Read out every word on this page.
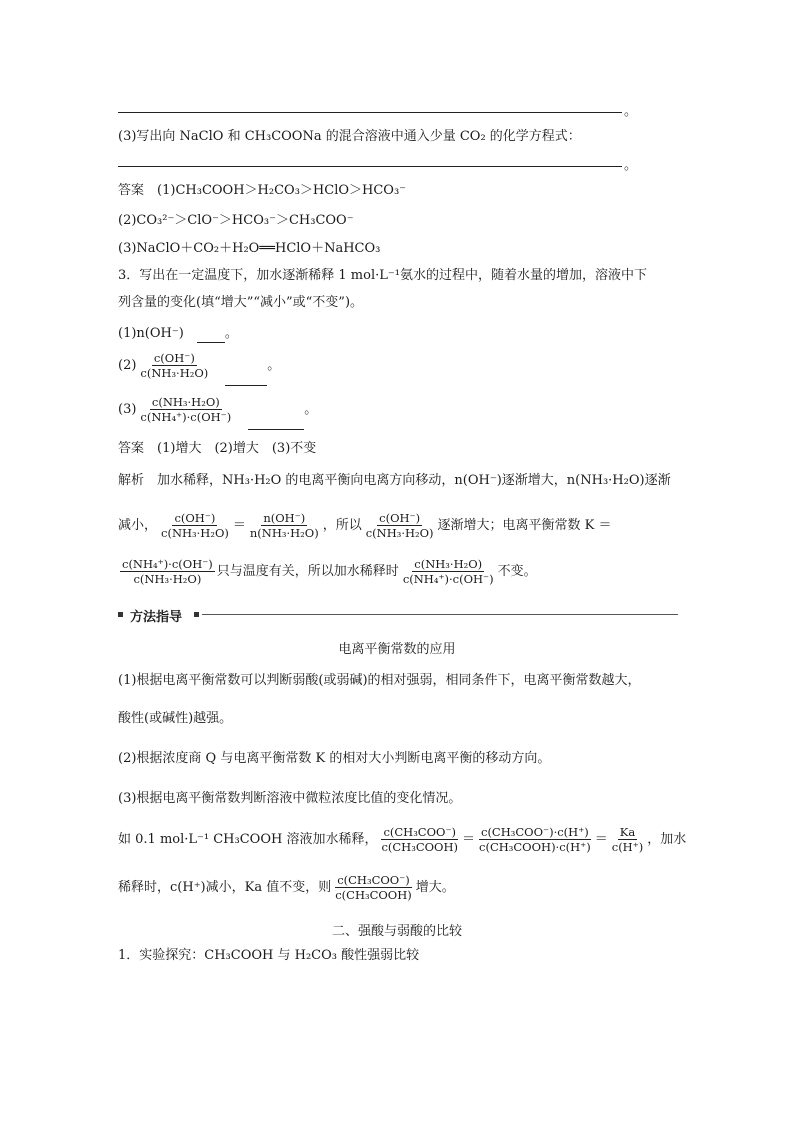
。
(3)写出向 NaClO 和 CH₃COONa 的混合溶液中通入少量 CO₂ 的化学方程式：
。
答案　 (1)CH₃COOH＞H₂CO₃＞HClO＞HCO₃⁻
(2)CO₃²⁻＞ClO⁻＞HCO₃⁻＞CH₃COO⁻
(3)NaClO＋CO₂＋H₂O══HClO＋NaHCO₃
3．写出在一定温度下，加水逐渐稀释 1 mol·L⁻¹氨水的过程中，随着水量的增加，溶液中下
列含量的变化(填“增大”“减小”或“不变”)。
(1)n(OH⁻)　	。
$(2) \frac{c(OH^-)}{\text{c(NH₃·H₂O)}}$
　	。
$(3) \frac{\text{c(NH₃·H₂O)}}{\text{c(NH₄⁺)·c(OH⁻)}}$
　	。
答案　 (1)增大　(2)增大　(3)不变
解析　 加水稀释，NH₃·H₂O 的电离平衡向电离方向移动，n(OH⁻)逐渐增大，n(NH₃·H₂O)逐渐
减小， $\frac{c(OH^-)}{\text{c(NH₃·H₂O)}} = \frac{n(OH^-)}{\text{n(NH₃·H₂O)}}$ ，所以 $\frac{c(OH^-)}{\text{c(NH₃·H₂O)}}$ 逐渐增大；电离平衡常数 K ＝
$\frac{\text{c(NH₄⁺)·c(OH⁻)}}{\text{c(NH₃·H₂O)}}$ 只与温度有关，所以加水稀释时 $\frac{\text{c(NH₃·H₂O)}}{\text{c(NH₄⁺)·c(OH⁻)}}$ 不变。
方法指导
电离平衡常数的应用
(1)根据电离平衡常数可以判断弱酸(或弱碱)的相对强弱，相同条件下，电离平衡常数越大，
酸性(或碱性)越强。
(2)根据浓度商 Q 与电离平衡常数 K 的相对大小判断电离平衡的移动方向。
(3)根据电离平衡常数判断溶液中微粒浓度比值的变化情况。
如 0.1 mol·L⁻¹ CH₃COOH 溶液加水稀释， $\frac{\text{c(CH₃COO⁻)}}{\text{c(CH₃COOH)}} = \frac{\text{c(CH₃COO⁻)·c(H⁺)}}{\text{c(CH₃COOH)·c(H⁺)}} = \frac{Ka}{c(H^+)}$ ，加水
稀释时，c(H⁺)减小，Ka 值不变，则 $\frac{\text{c(CH₃COO⁻)}}{\text{c(CH₃COOH)}}$ 增大。
二、强酸与弱酸的比较
1．实验探究：CH₃COOH 与 H₂CO₃ 酸性强弱比较
